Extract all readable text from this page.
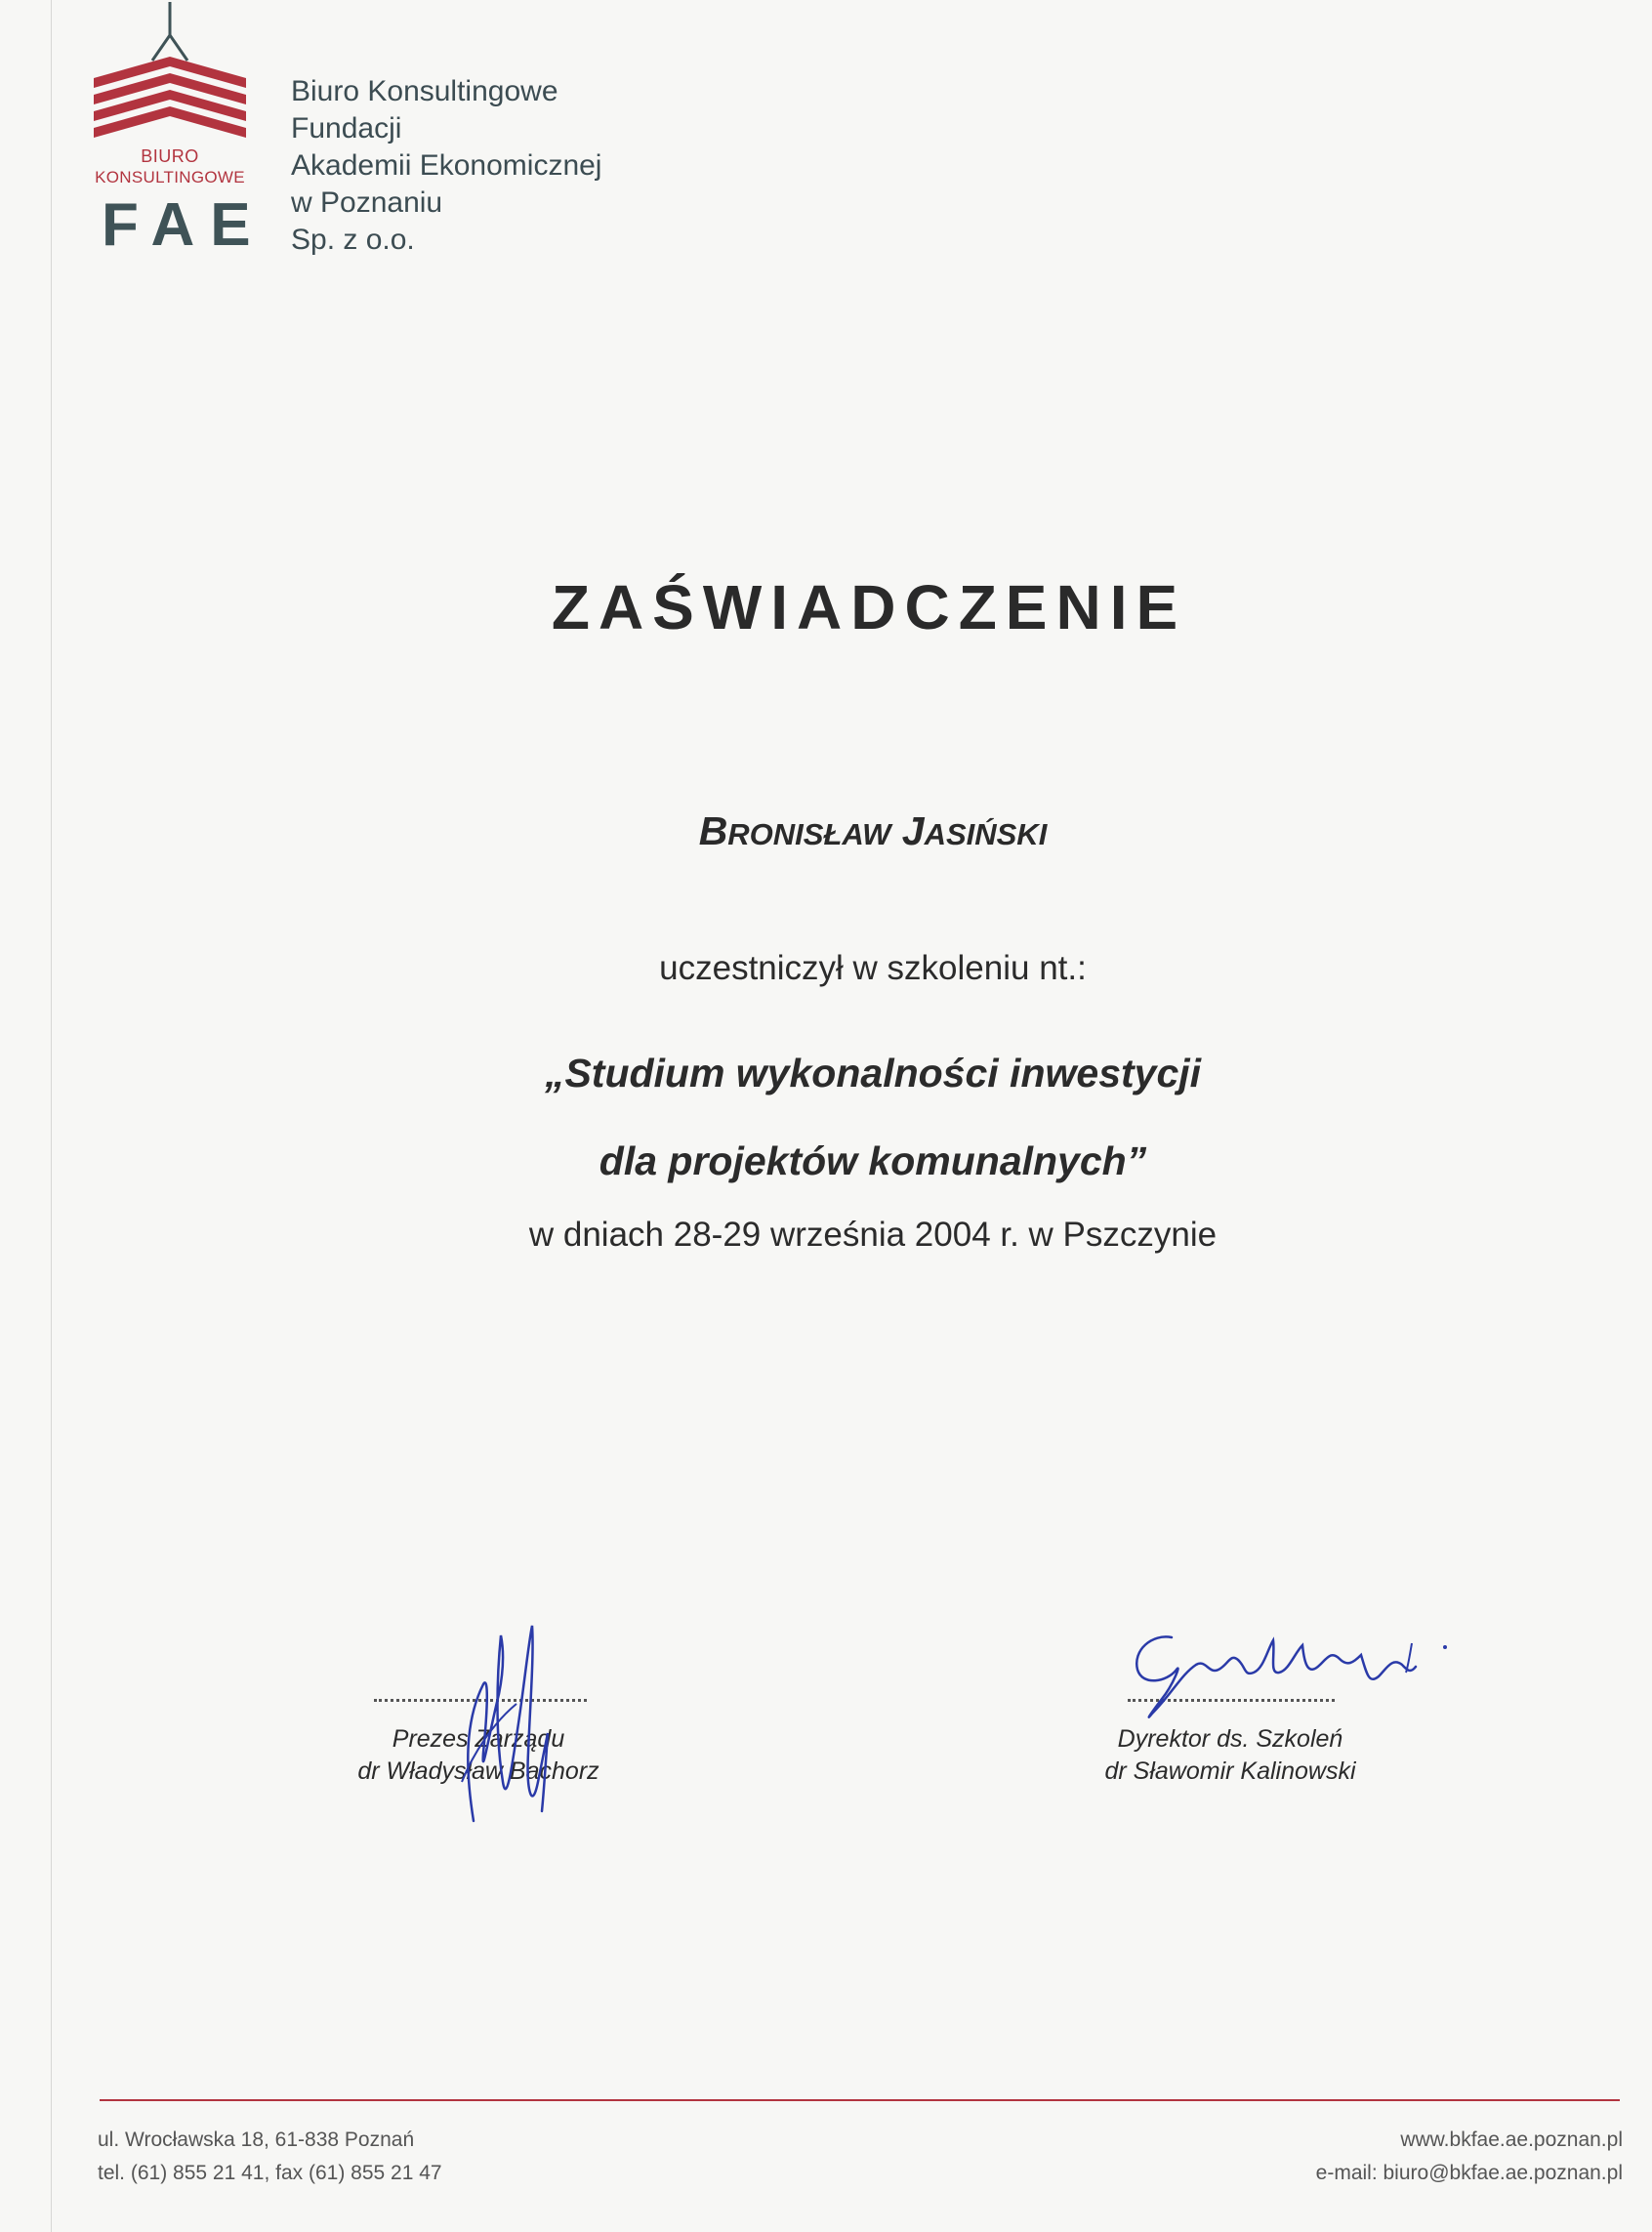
BIURO
KONSULTINGOWE
FAE
Biuro Konsultingowe
Fundacji
Akademii Ekonomicznej
w Poznaniu
Sp. z o.o.
ZAŚWIADCZENIE
BRONISŁAW JASIŃSKI
uczestniczył w szkoleniu nt.:
„Studium wykonalności inwestycji
dla projektów komunalnych”
w dniach 28-29 września 2004 r. w Pszczynie
Prezes Zarządu
dr Władysław Bachorz
Dyrektor ds. Szkoleń
dr Sławomir Kalinowski
ul. Wrocławska 18, 61-838 Poznań
tel. (61) 855 21 41, fax (61) 855 21 47
www.bkfae.ae.poznan.pl
e-mail: biuro@bkfae.ae.poznan.pl
